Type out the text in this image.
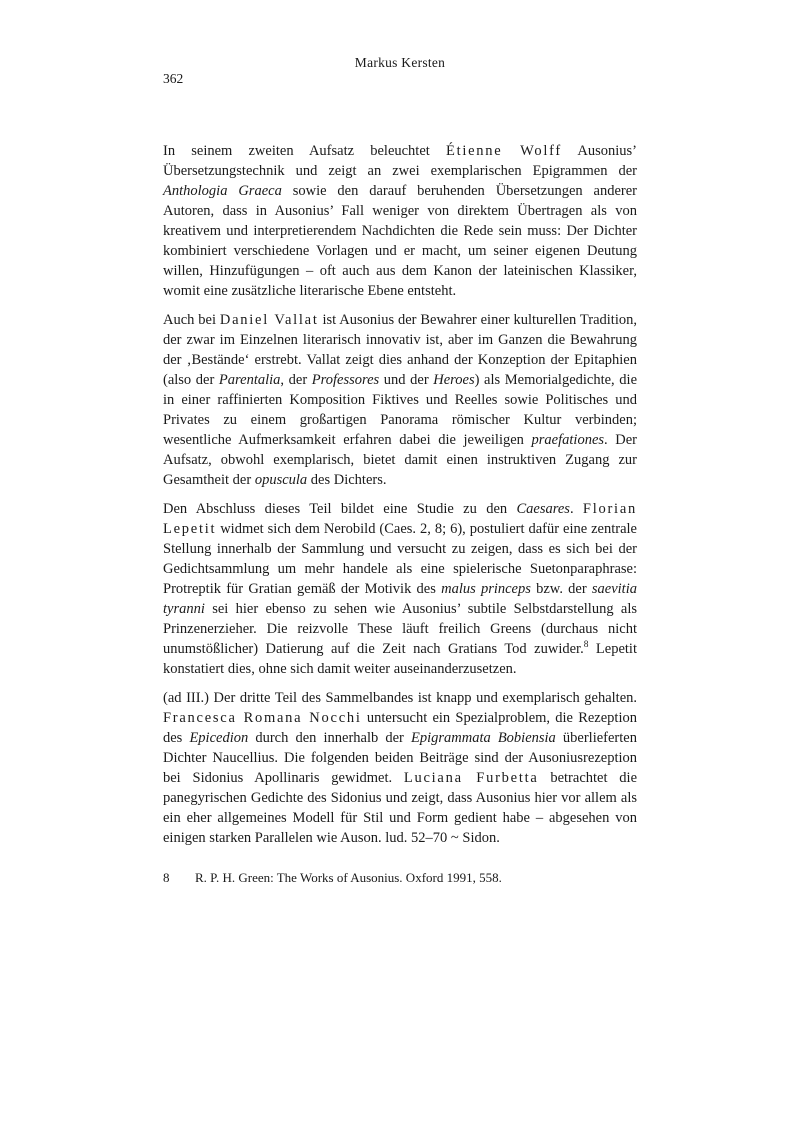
Markus Kersten
362

In seinem zweiten Aufsatz beleuchtet Étienne Wolff Ausonius’ Übersetzungstechnik und zeigt an zwei exemplarischen Epigrammen der Anthologia Graeca sowie den darauf beruhenden Übersetzungen anderer Autoren, dass in Ausonius’ Fall weniger von direktem Übertragen als von kreativem und interpretierendem Nachdichten die Rede sein muss: Der Dichter kombiniert verschiedene Vorlagen und er macht, um seiner eigenen Deutung willen, Hinzufügungen – oft auch aus dem Kanon der lateinischen Klassiker, womit eine zusätzliche literarische Ebene entsteht.

Auch bei Daniel Vallat ist Ausonius der Bewahrer einer kulturellen Tradition, der zwar im Einzelnen literarisch innovativ ist, aber im Ganzen die Bewahrung der ‚Bestände‘ erstrebt. Vallat zeigt dies anhand der Konzeption der Epitaphien (also der Parentalia, der Professores und der Heroes) als Memorialgedichte, die in einer raffinierten Komposition Fiktives und Reelles sowie Politisches und Privates zu einem großartigen Panorama römischer Kultur verbinden; wesentliche Aufmerksamkeit erfahren dabei die jeweiligen praefationes. Der Aufsatz, obwohl exemplarisch, bietet damit einen instruktiven Zugang zur Gesamtheit der opuscula des Dichters.

Den Abschluss dieses Teil bildet eine Studie zu den Caesares. Florian Lepetit widmet sich dem Nerobild (Caes. 2, 8; 6), postuliert dafür eine zentrale Stellung innerhalb der Sammlung und versucht zu zeigen, dass es sich bei der Gedichtsammlung um mehr handele als eine spielerische Suetonparaphrase: Protreptik für Gratian gemäß der Motivik des malus princeps bzw. der saevitia tyranni sei hier ebenso zu sehen wie Ausonius’ subtile Selbstdarstellung als Prinzenerzieher. Die reizvolle These läuft freilich Greens (durchaus nicht unumstößlicher) Datierung auf die Zeit nach Gratians Tod zuwider.$^8$ Lepetit konstatiert dies, ohne sich damit weiter auseinanderzusetzen.

(ad III.) Der dritte Teil des Sammelbandes ist knapp und exemplarisch gehalten. Francesca Romana Nocchi untersucht ein Spezialproblem, die Rezeption des Epicedion durch den innerhalb der Epigrammata Bobiensia überlieferten Dichter Naucellius. Die folgenden beiden Beiträge sind der Ausoniusrezeption bei Sidonius Apollinaris gewidmet. Luciana Furbetta betrachtet die panegyrischen Gedichte des Sidonius und zeigt, dass Ausonius hier vor allem als ein eher allgemeines Modell für Stil und Form gedient habe – abgesehen von einigen starken Parallelen wie Auson. lud. 52–70 ~ Sidon.

8	R. P. H. Green: The Works of Ausonius. Oxford 1991, 558.
